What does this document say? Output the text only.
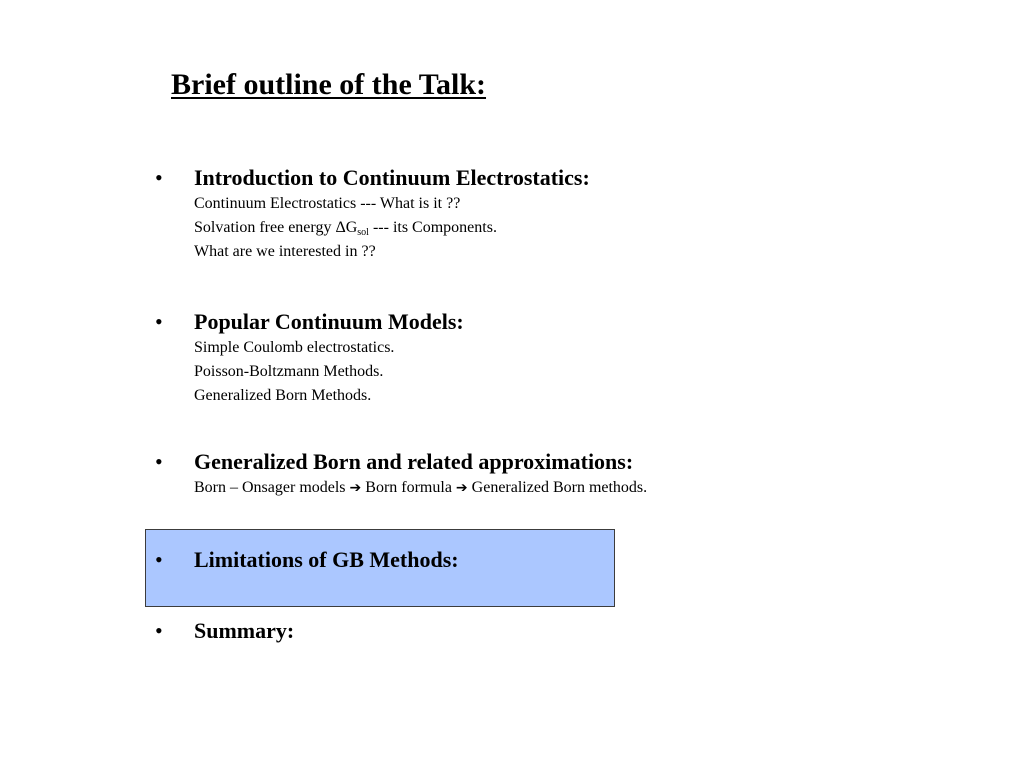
Brief outline of the Talk:
• Introduction to Continuum Electrostatics:
Continuum Electrostatics --- What is it ??
Solvation free energy $\Delta G_{sol}$ --- its Components.
What are we interested in ??
• Popular Continuum Models:
Simple Coulomb electrostatics.
Poisson-Boltzmann Methods.
Generalized Born Methods.
• Generalized Born and related approximations:
Born – Onsager models ➔ Born formula ➔ Generalized Born methods.
• Limitations of GB Methods:
• Summary:
